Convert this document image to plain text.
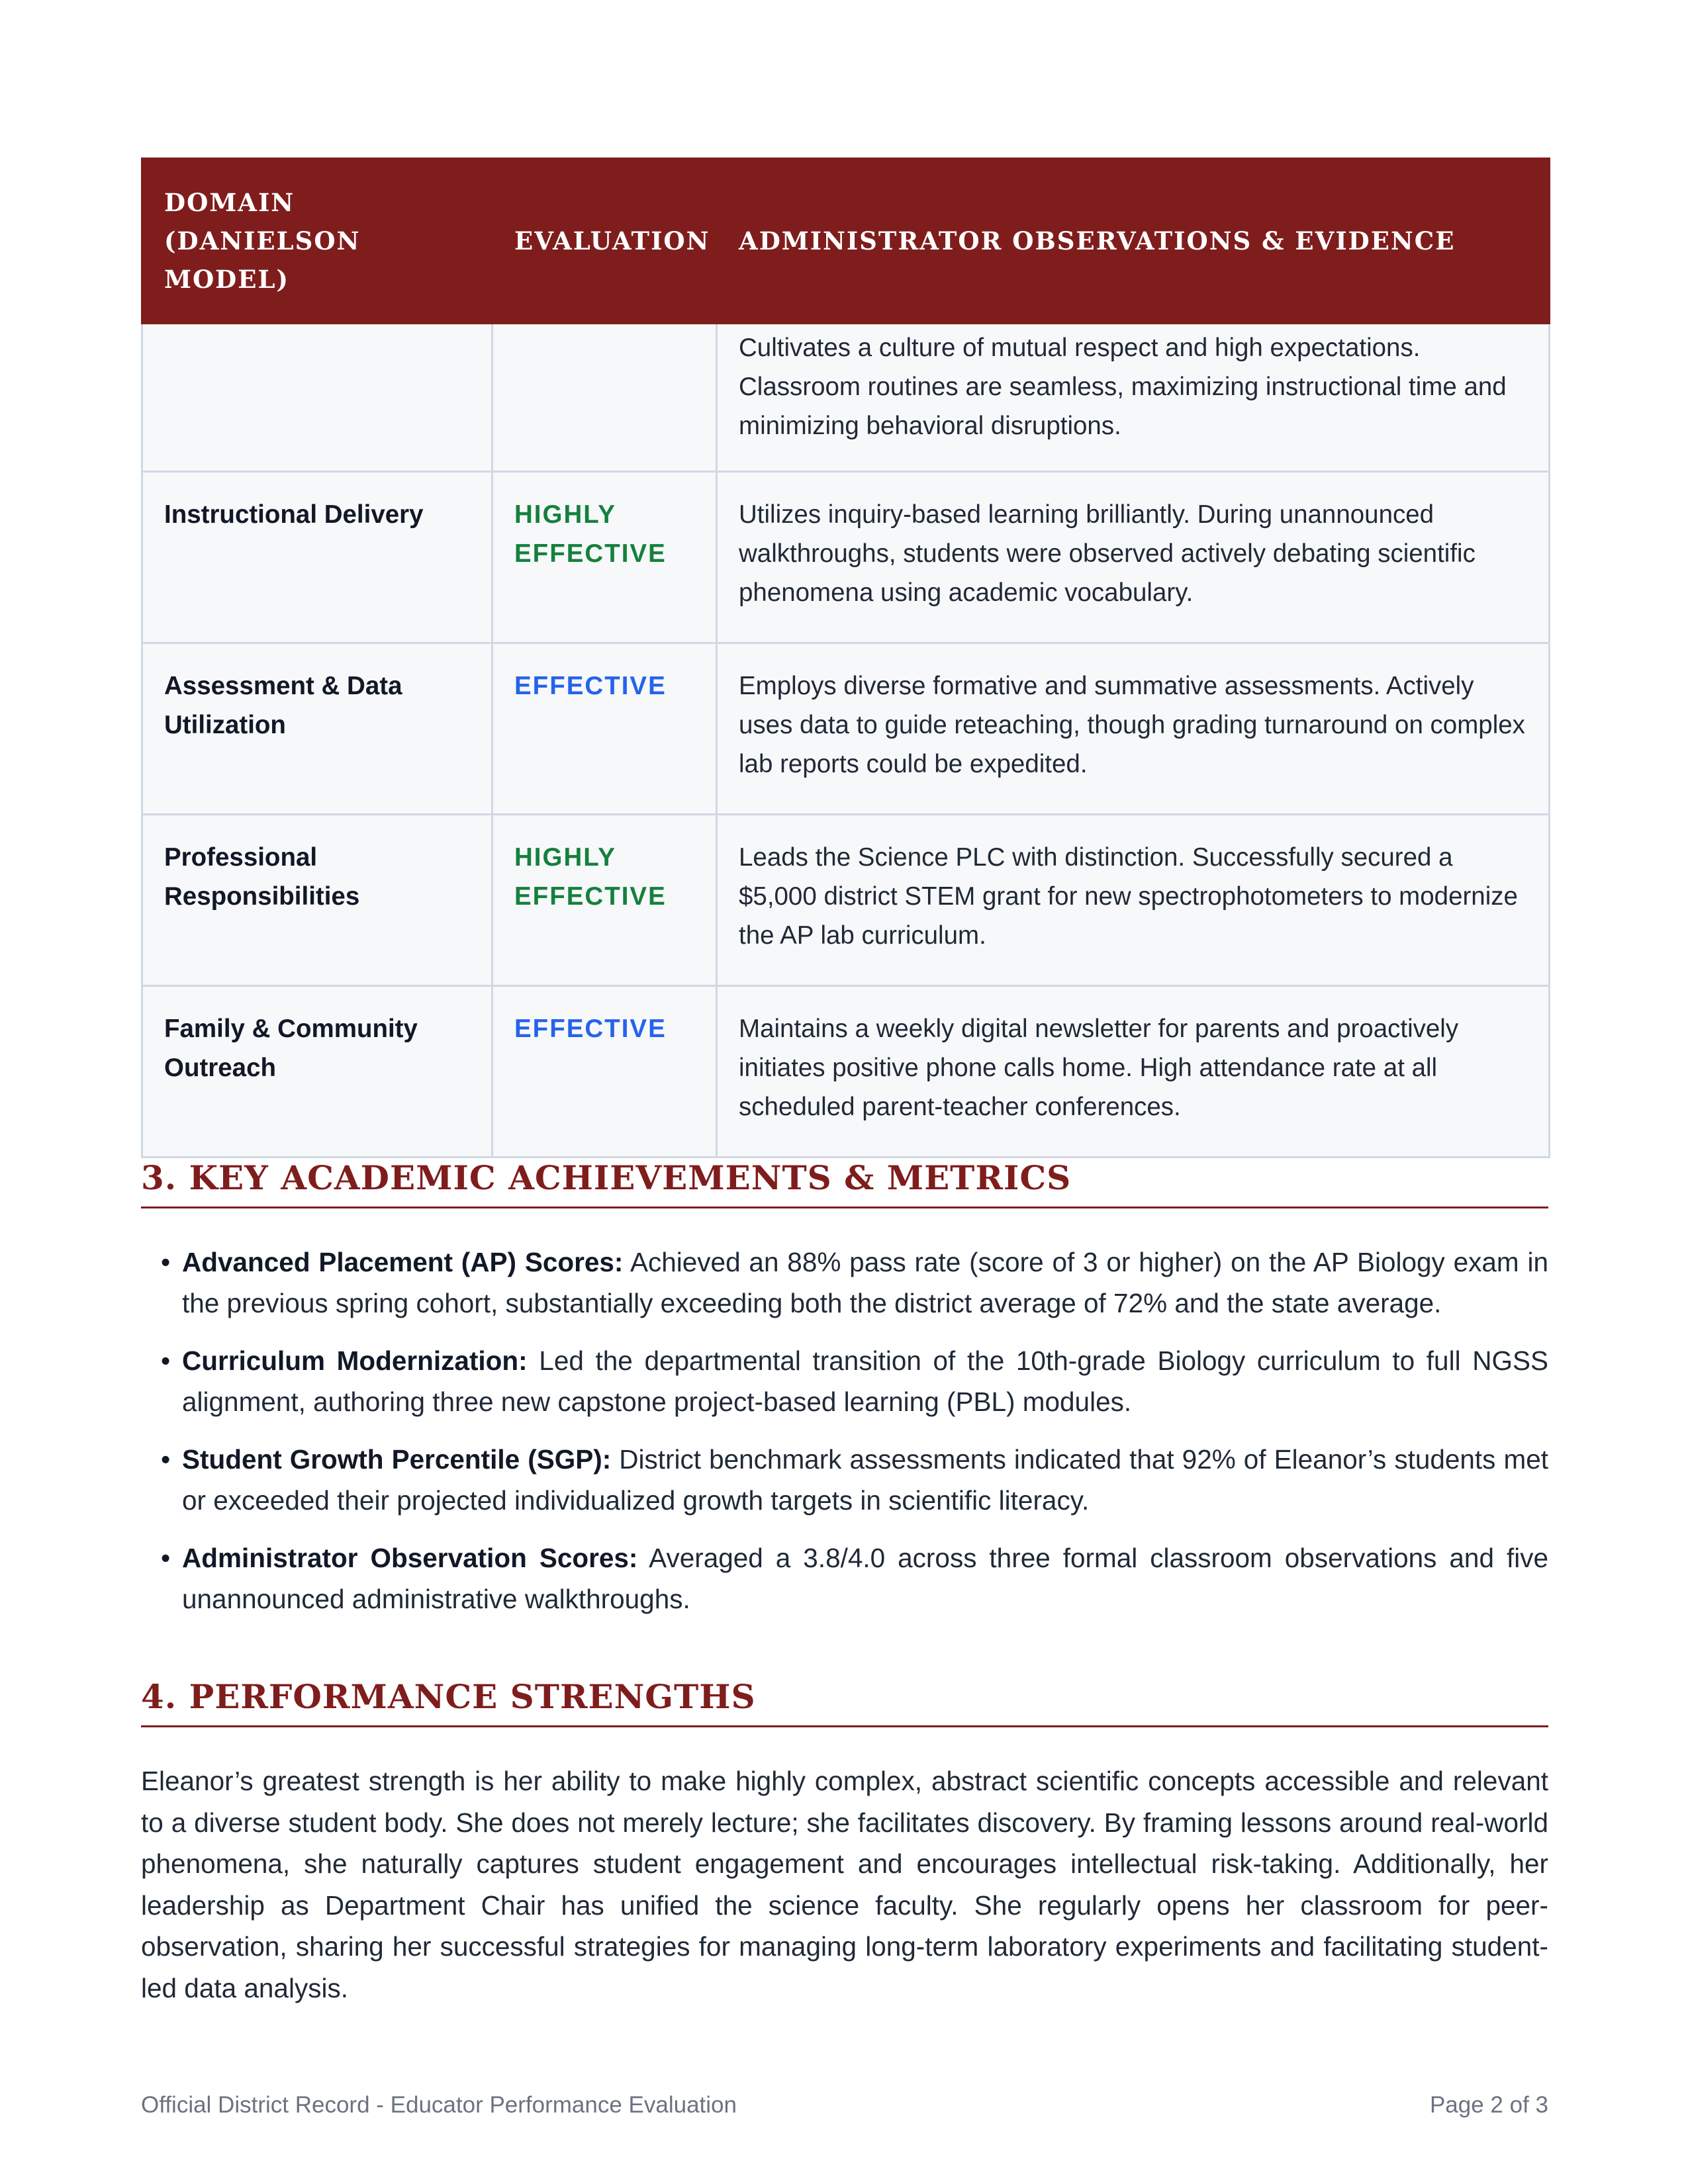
DOMAIN (DANIELSON MODEL)	EVALUATION	ADMINISTRATOR OBSERVATIONS & EVIDENCE
		Cultivates a culture of mutual respect and high expectations. Classroom routines are seamless, maximizing instructional time and minimizing behavioral disruptions.
Instructional Delivery	HIGHLY EFFECTIVE	Utilizes inquiry-based learning brilliantly. During unannounced walkthroughs, students were observed actively debating scientific phenomena using academic vocabulary.
Assessment & Data Utilization	EFFECTIVE	Employs diverse formative and summative assessments. Actively uses data to guide reteaching, though grading turnaround on complex lab reports could be expedited.
Professional Responsibilities	HIGHLY EFFECTIVE	Leads the Science PLC with distinction. Successfully secured a $5,000 district STEM grant for new spectrophotometers to modernize the AP lab curriculum.
Family & Community Outreach	EFFECTIVE	Maintains a weekly digital newsletter for parents and proactively initiates positive phone calls home. High attendance rate at all scheduled parent-teacher conferences.
3. KEY ACADEMIC ACHIEVEMENTS & METRICS
• Advanced Placement (AP) Scores: Achieved an 88% pass rate (score of 3 or higher) on the AP Biology exam in the previous spring cohort, substantially exceeding both the district average of 72% and the state average.
• Curriculum Modernization: Led the departmental transition of the 10th-grade Biology curriculum to full NGSS alignment, authoring three new capstone project-based learning (PBL) modules.
• Student Growth Percentile (SGP): District benchmark assessments indicated that 92% of Eleanor’s students met or exceeded their projected individualized growth targets in scientific literacy.
• Administrator Observation Scores: Averaged a 3.8/4.0 across three formal classroom observations and five unannounced administrative walkthroughs.
4. PERFORMANCE STRENGTHS

Eleanor’s greatest strength is her ability to make highly complex, abstract scientific concepts accessible and relevant to a diverse student body. She does not merely lecture; she facilitates discovery. By framing lessons around real-world phenomena, she naturally captures student engagement and encourages intellectual risk-taking. Additionally, her leadership as Department Chair has unified the science faculty. She regularly opens her classroom for peer-observation, sharing her successful strategies for managing long-term laboratory experiments and facilitating student-led data analysis.

Official District Record - Educator Performance Evaluation	Page 2 of 3
